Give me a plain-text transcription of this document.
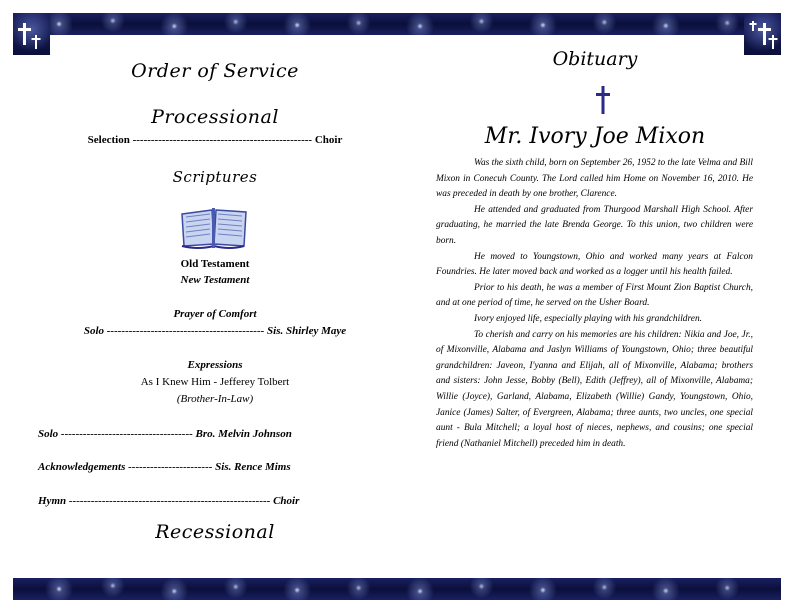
Order of Service
Processional
Selection ------------------------------------------------- Choir
Scriptures
Old Testament
New Testament
Prayer of Comfort
Solo ------------------------------------------- Sis. Shirley Maye
Expressions
As I Knew Him - Jefferey Tolbert
(Brother-In-Law)
Solo ------------------------------------ Bro. Melvin Johnson
Acknowledgements ----------------------- Sis. Rence Mims
Hymn ------------------------------------------------------- Choir
Recessional
Obituary
Mr. Ivory Joe Mixon

Was the sixth child, born on September 26, 1952 to the late Velma and Bill Mixon in Conecuh County. The Lord called him Home on November 16, 2010. He was preceded in death by one brother, Clarence.

He attended and graduated from Thurgood Marshall High School. After graduating, he married the late Brenda George. To this union, two children were born.

He moved to Youngstown, Ohio and worked many years at Falcon Foundries. He later moved back and worked as a logger until his health failed.

Prior to his death, he was a member of First Mount Zion Baptist Church, and at one period of time, he served on the Usher Board.

Ivory enjoyed life, especially playing with his grandchildren.

To cherish and carry on his memories are his children: Nikia and Joe, Jr., of Mixonville, Alabama and Jaslyn Williams of Youngstown, Ohio; three beautiful grandchildren: Javeon, I'yanna and Elijah, all of Mixonville, Alabama; brothers and sisters: John Jesse, Bobby (Bell), Edith (Jeffrey), all of Mixonville, Alabama; Willie (Joyce), Garland, Alabama, Elizabeth (Willie) Gandy, Youngstown, Ohio, Janice (James) Salter, of Evergreen, Alabama; three aunts, two uncles, one special aunt - Bula Mitchell; a loyal host of nieces, nephews, and cousins; one special friend (Nathaniel Mitchell) preceded him in death.
